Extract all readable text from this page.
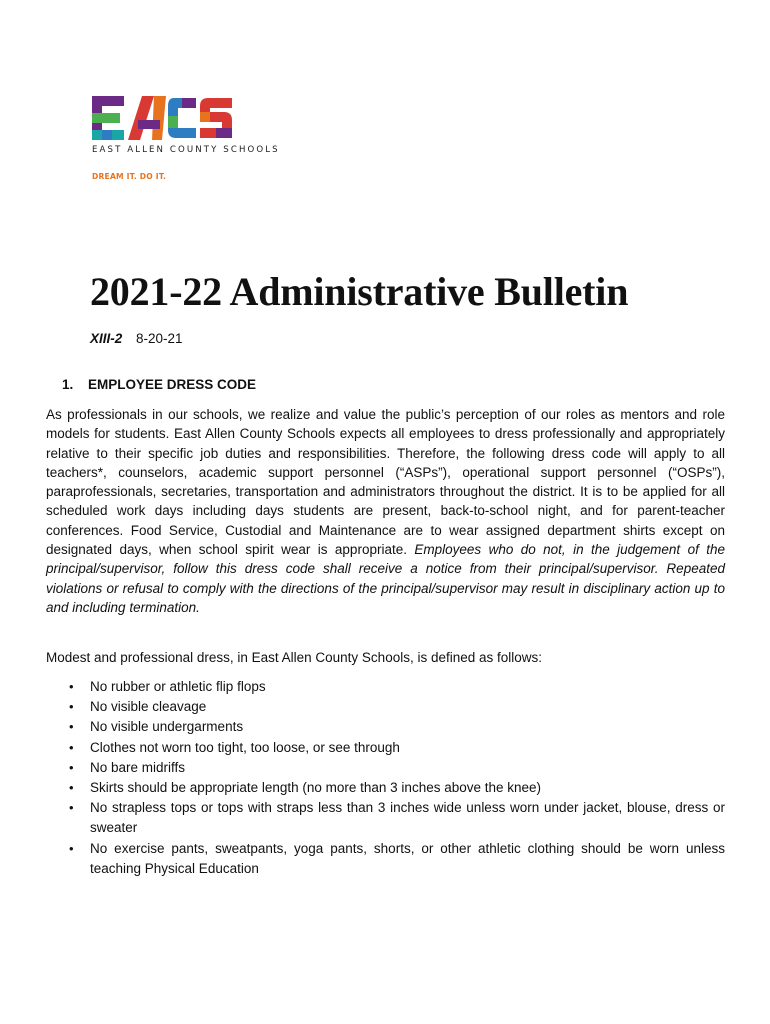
EAST ALLEN COUNTY SCHOOLS
DREAM IT. DO IT.
2021-22 Administrative Bulletin
XIII-2 8-20-21
1. EMPLOYEE DRESS CODE
As professionals in our schools, we realize and value the public’s perception of our roles as mentors and role models for students. East Allen County Schools expects all employees to dress professionally and appropriately relative to their specific job duties and responsibilities. Therefore, the following dress code will apply to all teachers*, counselors, academic support personnel (“ASPs”), operational support personnel (“OSPs”), paraprofessionals, secretaries, transportation and administrators throughout the district. It is to be applied for all scheduled work days including days students are present, back-to-school night, and for parent-teacher conferences. Food Service, Custodial and Maintenance are to wear assigned department shirts except on designated days, when school spirit wear is appropriate. Employees who do not, in the judgement of the principal/supervisor, follow this dress code shall receive a notice from their principal/supervisor. Repeated violations or refusal to comply with the directions of the principal/supervisor may result in disciplinary action up to and including termination.
Modest and professional dress, in East Allen County Schools, is defined as follows:
• No rubber or athletic flip flops
• No visible cleavage
• No visible undergarments
• Clothes not worn too tight, too loose, or see through
• No bare midriffs
• Skirts should be appropriate length (no more than 3 inches above the knee)
• No strapless tops or tops with straps less than 3 inches wide unless worn under jacket, blouse, dress or sweater
• No exercise pants, sweatpants, yoga pants, shorts, or other athletic clothing should be worn unless teaching Physical Education
